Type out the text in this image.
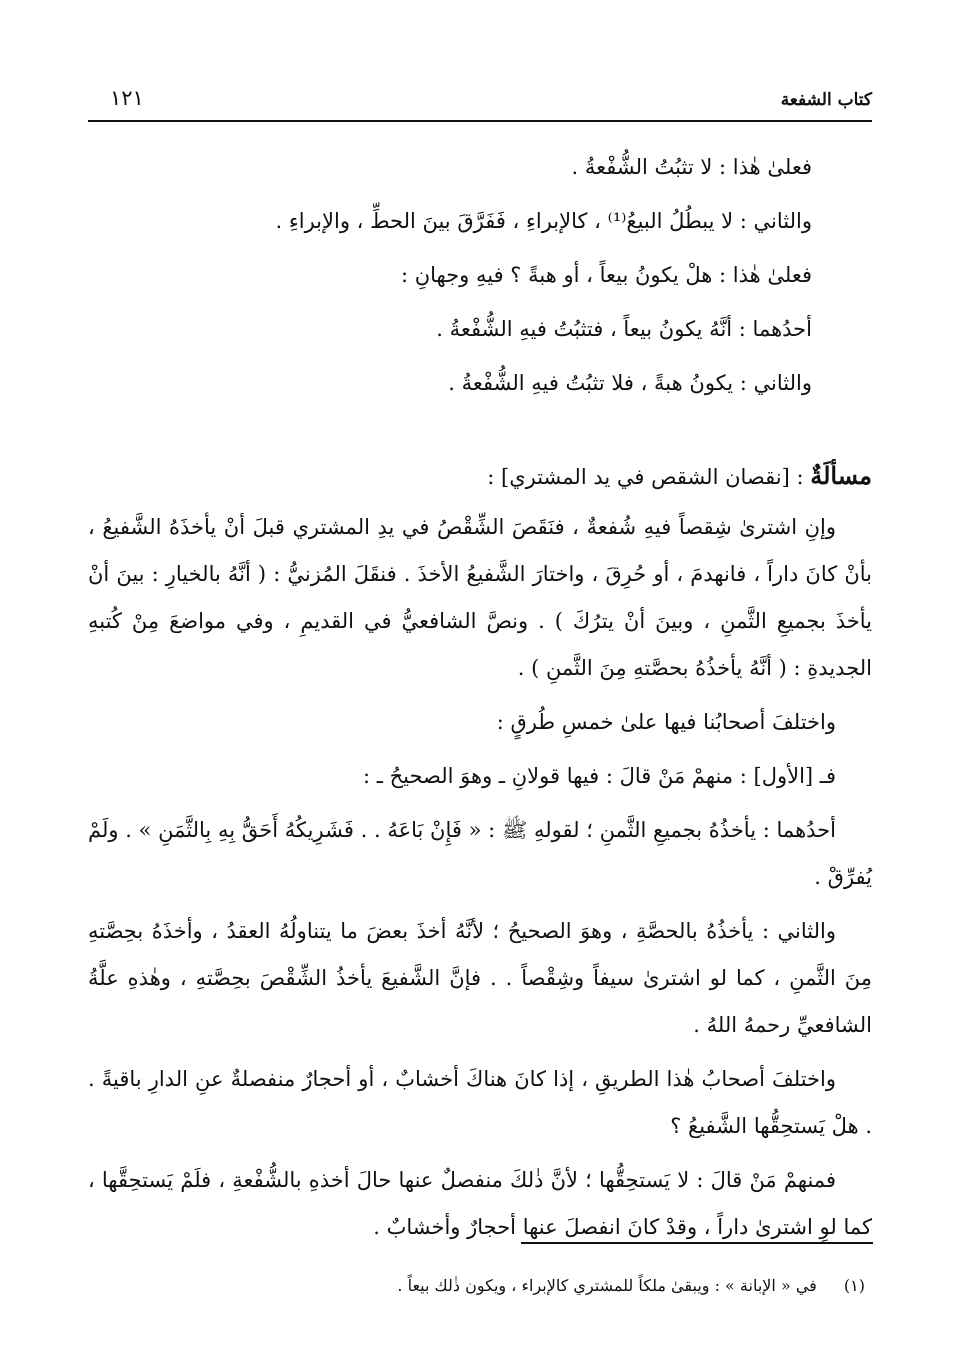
كتاب الشفعة
١٢١
فعلىٰ هٰذا : لا تثبُتُ الشُّفْعةُ .
والثاني : لا يبطُلُ البيعُ⁽¹⁾ ، كالإبراءِ ، فَفَرَّقَ بينَ الحطِّ ، والإبراءِ .
فعلىٰ هٰذا : هلْ يكونُ بيعاً ، أو هبةً ؟ فيهِ وجهانِ :
أحدُهما : أنَّهُ يكونُ بيعاً ، فتثبُتُ فيهِ الشُّفْعةُ .
والثاني : يكونُ هبةً ، فلا تثبُتُ فيهِ الشُّفْعةُ .
مسألَةٌ : [نقصان الشقص في يد المشتري] :
وإنِ اشترىٰ شِقصاً فيهِ شُفعةٌ ، فنَقَصَ الشِّقْصُ في يدِ المشتري قبلَ أنْ يأخذَهُ الشَّفيعُ ، بأنْ كانَ داراً ، فانهدمَ ، أو حُرِقَ ، واختارَ الشَّفيعُ الأخذَ . فنقَلَ المُزنيُّ : ( أنَّهُ بالخيارِ : بينَ أنْ يأخذَ بجميعِ الثَّمنِ ، وبينَ أنْ يترُكَ ) . ونصَّ الشافعيُّ في القديمِ ، وفي مواضعَ مِنْ كُتبهِ الجديدةِ : ( أنَّهُ يأخذُهُ بحصَّتهِ مِنَ الثَّمنِ ) .
واختلفَ أصحابُنا فيها علىٰ خمسِ طُرقٍ :
فـ [الأول] : منهمْ مَنْ قالَ : فيها قولانِ ـ وهوَ الصحيحُ ـ :
أحدُهما : يأخذُهُ بجميعِ الثَّمنِ ؛ لقولهِ ﷺ : « فَإِنْ بَاعَهُ . . فَشَرِيكُهُ أَحَقُّ بِهِ بِالثَّمَنِ » . ولَمْ يُفرِّقْ .
والثاني : يأخذُهُ بالحصَّةِ ، وهوَ الصحيحُ ؛ لأنَّهُ أخذَ بعضَ ما يتناولُهُ العقدُ ، وأخذَهُ بحِصَّتهِ مِنَ الثَّمنِ ، كما لو اشترىٰ سيفاً وشِقْصاً . . فإنَّ الشَّفيعَ يأخذُ الشِّقْصَ بحِصَّتهِ ، وهٰذهِ علَّةُ الشافعيِّ رحمهُ اللهُ .
واختلفَ أصحابُ هٰذا الطريقِ ، إذا كانَ هناكَ أخشابٌ ، أو أحجارٌ منفصلةٌ عنِ الدارِ باقيةً . . هلْ يَستحِقُّها الشَّفيعُ ؟
فمنهمْ مَنْ قالَ : لا يَستحِقُّها ؛ لأنَّ ذٰلكَ منفصلٌ عنها حالَ أخذهِ بالشُّفْعةِ ، فلَمْ يَستحِقَّها ، كما لوِ اشترىٰ داراً ، وقدْ كانَ انفصلَ عنها أحجارٌ وأخشابٌ .
(١) في « الإبانة » : ويبقىٰ ملكاً للمشتري كالإبراء ، ويكون ذٰلك بيعاً .
